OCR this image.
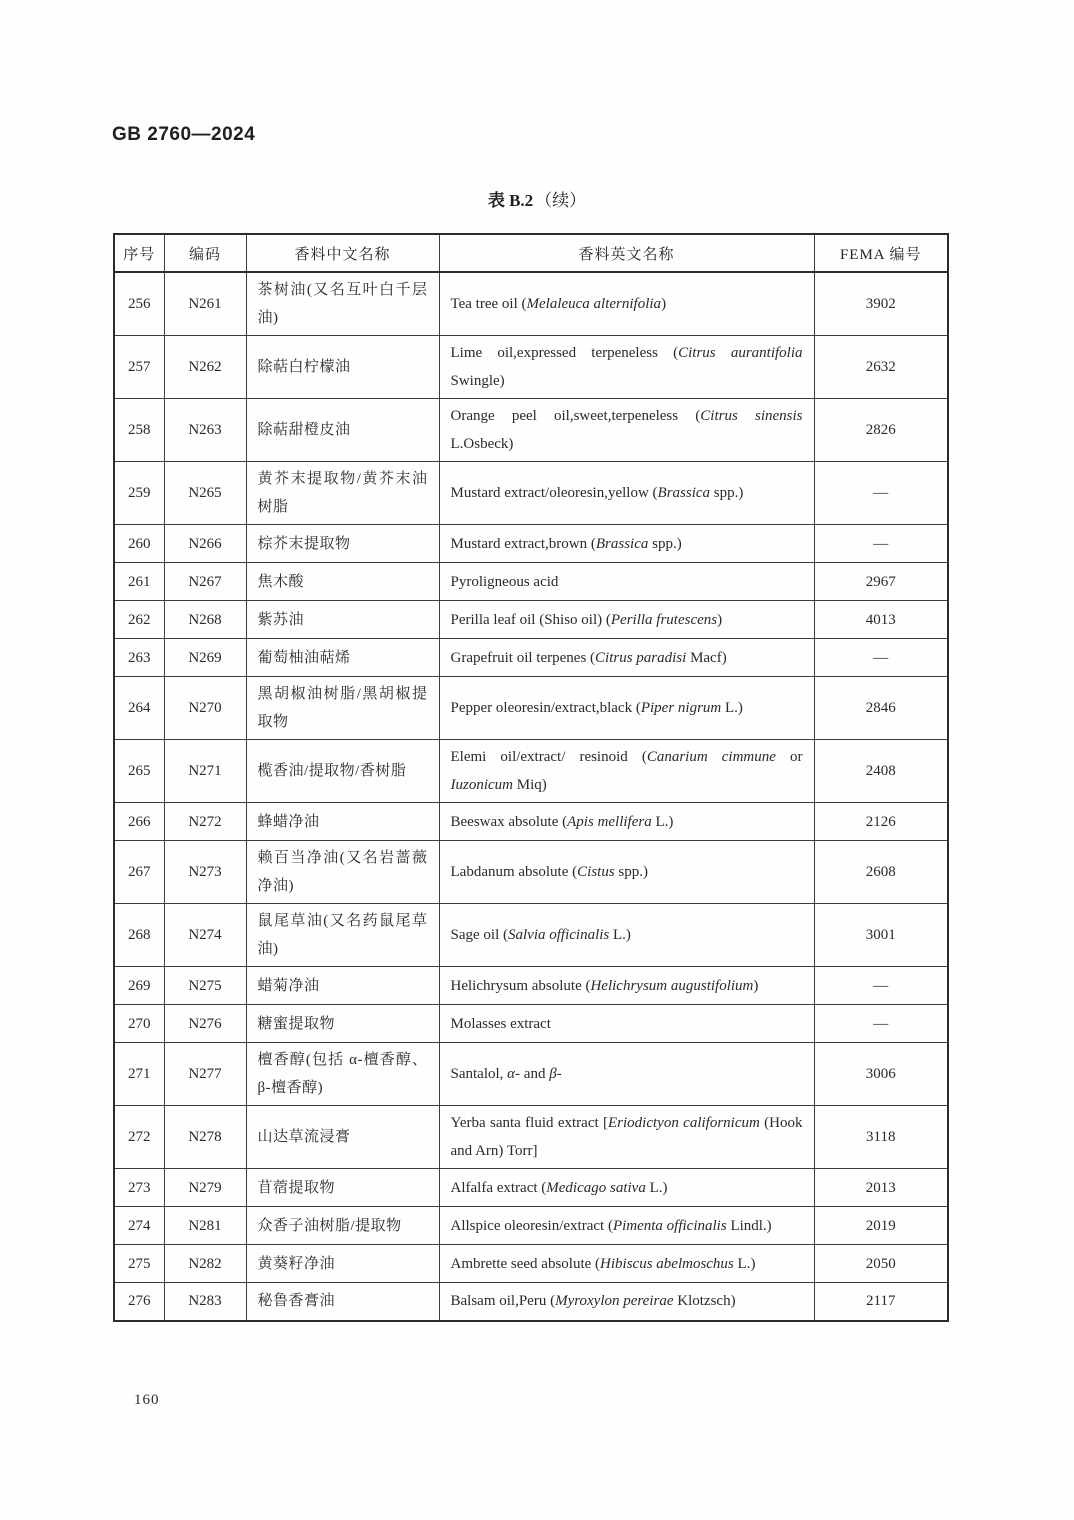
GB 2760—2024
表 B.2 （续）
序号	编码	香料中文名称	香料英文名称	FEMA 编号
256	N261	茶树油(又名互叶白千层油)	Tea tree oil (Melaleuca alternifolia)	3902
257	N262	除萜白柠檬油	Lime oil,expressed terpeneless (Citrus aurantifolia Swingle)	2632
258	N263	除萜甜橙皮油	Orange peel oil,sweet,terpeneless (Citrus sinensis L.Osbeck)	2826
259	N265	黄芥末提取物/黄芥末油树脂	Mustard extract/oleoresin,yellow (Brassica spp.)	—
260	N266	棕芥末提取物	Mustard extract,brown (Brassica spp.)	—
261	N267	焦木酸	Pyroligneous acid	2967
262	N268	紫苏油	Perilla leaf oil (Shiso oil) (Perilla frutescens)	4013
263	N269	葡萄柚油萜烯	Grapefruit oil terpenes (Citrus paradisi Macf)	—
264	N270	黑胡椒油树脂/黑胡椒提取物	Pepper oleoresin/extract,black (Piper nigrum L.)	2846
265	N271	榄香油/提取物/香树脂	Elemi oil/extract/ resinoid (Canarium cimmune or Iuzonicum Miq)	2408
266	N272	蜂蜡净油	Beeswax absolute (Apis mellifera L.)	2126
267	N273	赖百当净油(又名岩蔷薇净油)	Labdanum absolute (Cistus spp.)	2608
268	N274	鼠尾草油(又名药鼠尾草油)	Sage oil (Salvia officinalis L.)	3001
269	N275	蜡菊净油	Helichrysum absolute (Helichrysum augustifolium)	—
270	N276	糖蜜提取物	Molasses extract	—
271	N277	檀香醇(包括 α-檀香醇、β-檀香醇)	Santalol, α- and β-	3006
272	N278	山达草流浸膏	Yerba santa fluid extract [Eriodictyon californicum (Hook and Arn) Torr]	3118
273	N279	苜蓿提取物	Alfalfa extract (Medicago sativa L.)	2013
274	N281	众香子油树脂/提取物	Allspice oleoresin/extract (Pimenta officinalis Lindl.)	2019
275	N282	黄葵籽净油	Ambrette seed absolute (Hibiscus abelmoschus L.)	2050
276	N283	秘鲁香膏油	Balsam oil,Peru (Myroxylon pereirae Klotzsch)	2117
160
